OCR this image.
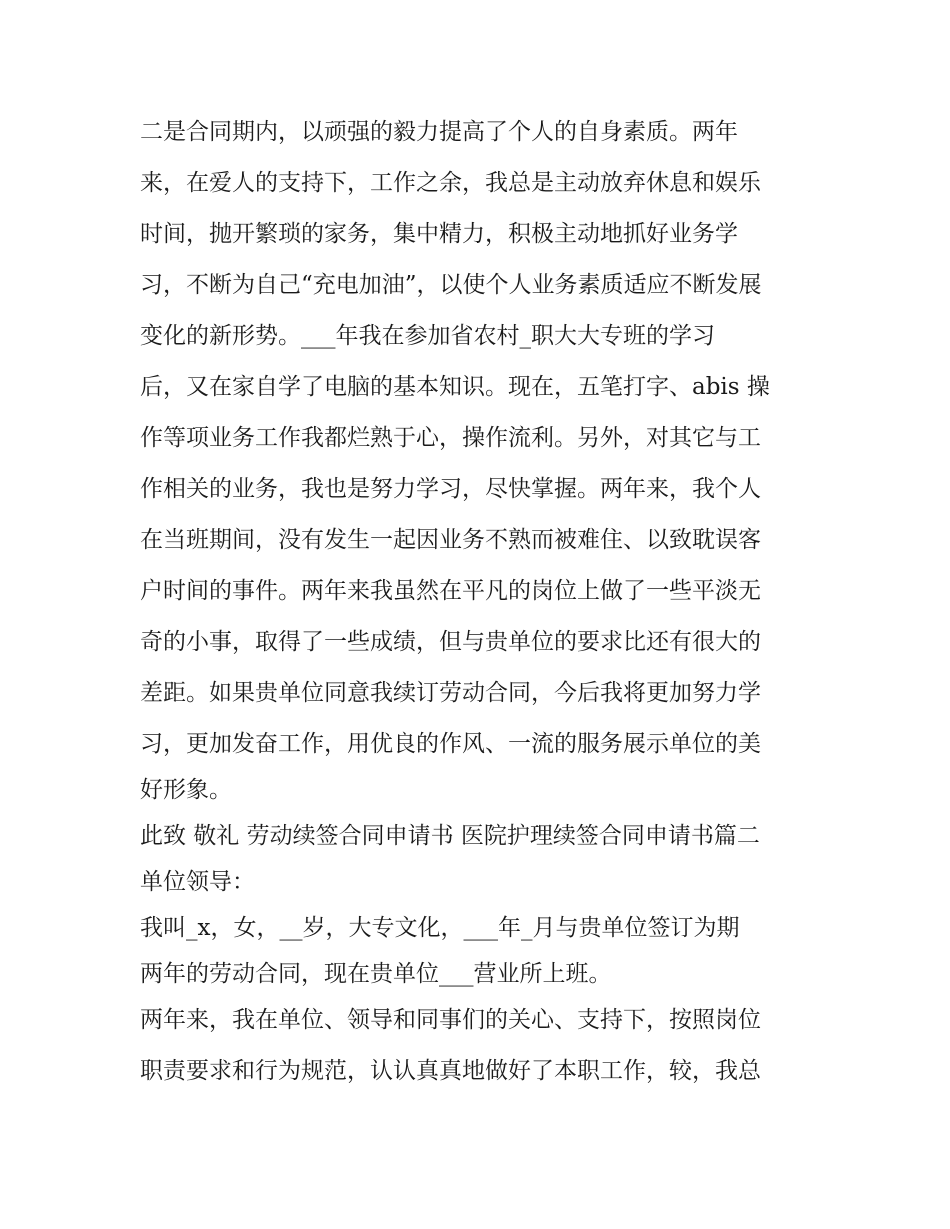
二是合同期内，以顽强的毅力提高了个人的自身素质。两年
来，在爱人的支持下，工作之余，我总是主动放弃休息和娱乐
时间，抛开繁琐的家务，集中精力，积极主动地抓好业务学
习，不断为自己“充电加油”，以使个人业务素质适应不断发展
变化的新形势。___年我在参加省农村_职大大专班的学习
后，又在家自学了电脑的基本知识。现在，五笔打字、abis 操
作等项业务工作我都烂熟于心，操作流利。另外，对其它与工
作相关的业务，我也是努力学习，尽快掌握。两年来，我个人
在当班期间，没有发生一起因业务不熟而被难住、以致耽误客
户时间的事件。两年来我虽然在平凡的岗位上做了一些平淡无
奇的小事，取得了一些成绩，但与贵单位的要求比还有很大的
差距。如果贵单位同意我续订劳动合同，今后我将更加努力学
习，更加发奋工作，用优良的作风、一流的服务展示单位的美
好形象。
此致 敬礼 劳动续签合同申请书 医院护理续签合同申请书篇二
单位领导：
我叫_x，女，__岁，大专文化，___年_月与贵单位签订为期
两年的劳动合同，现在贵单位___营业所上班。
两年来，我在单位、领导和同事们的关心、支持下，按照岗位
职责要求和行为规范，认认真真地做好了本职工作，较，我总
